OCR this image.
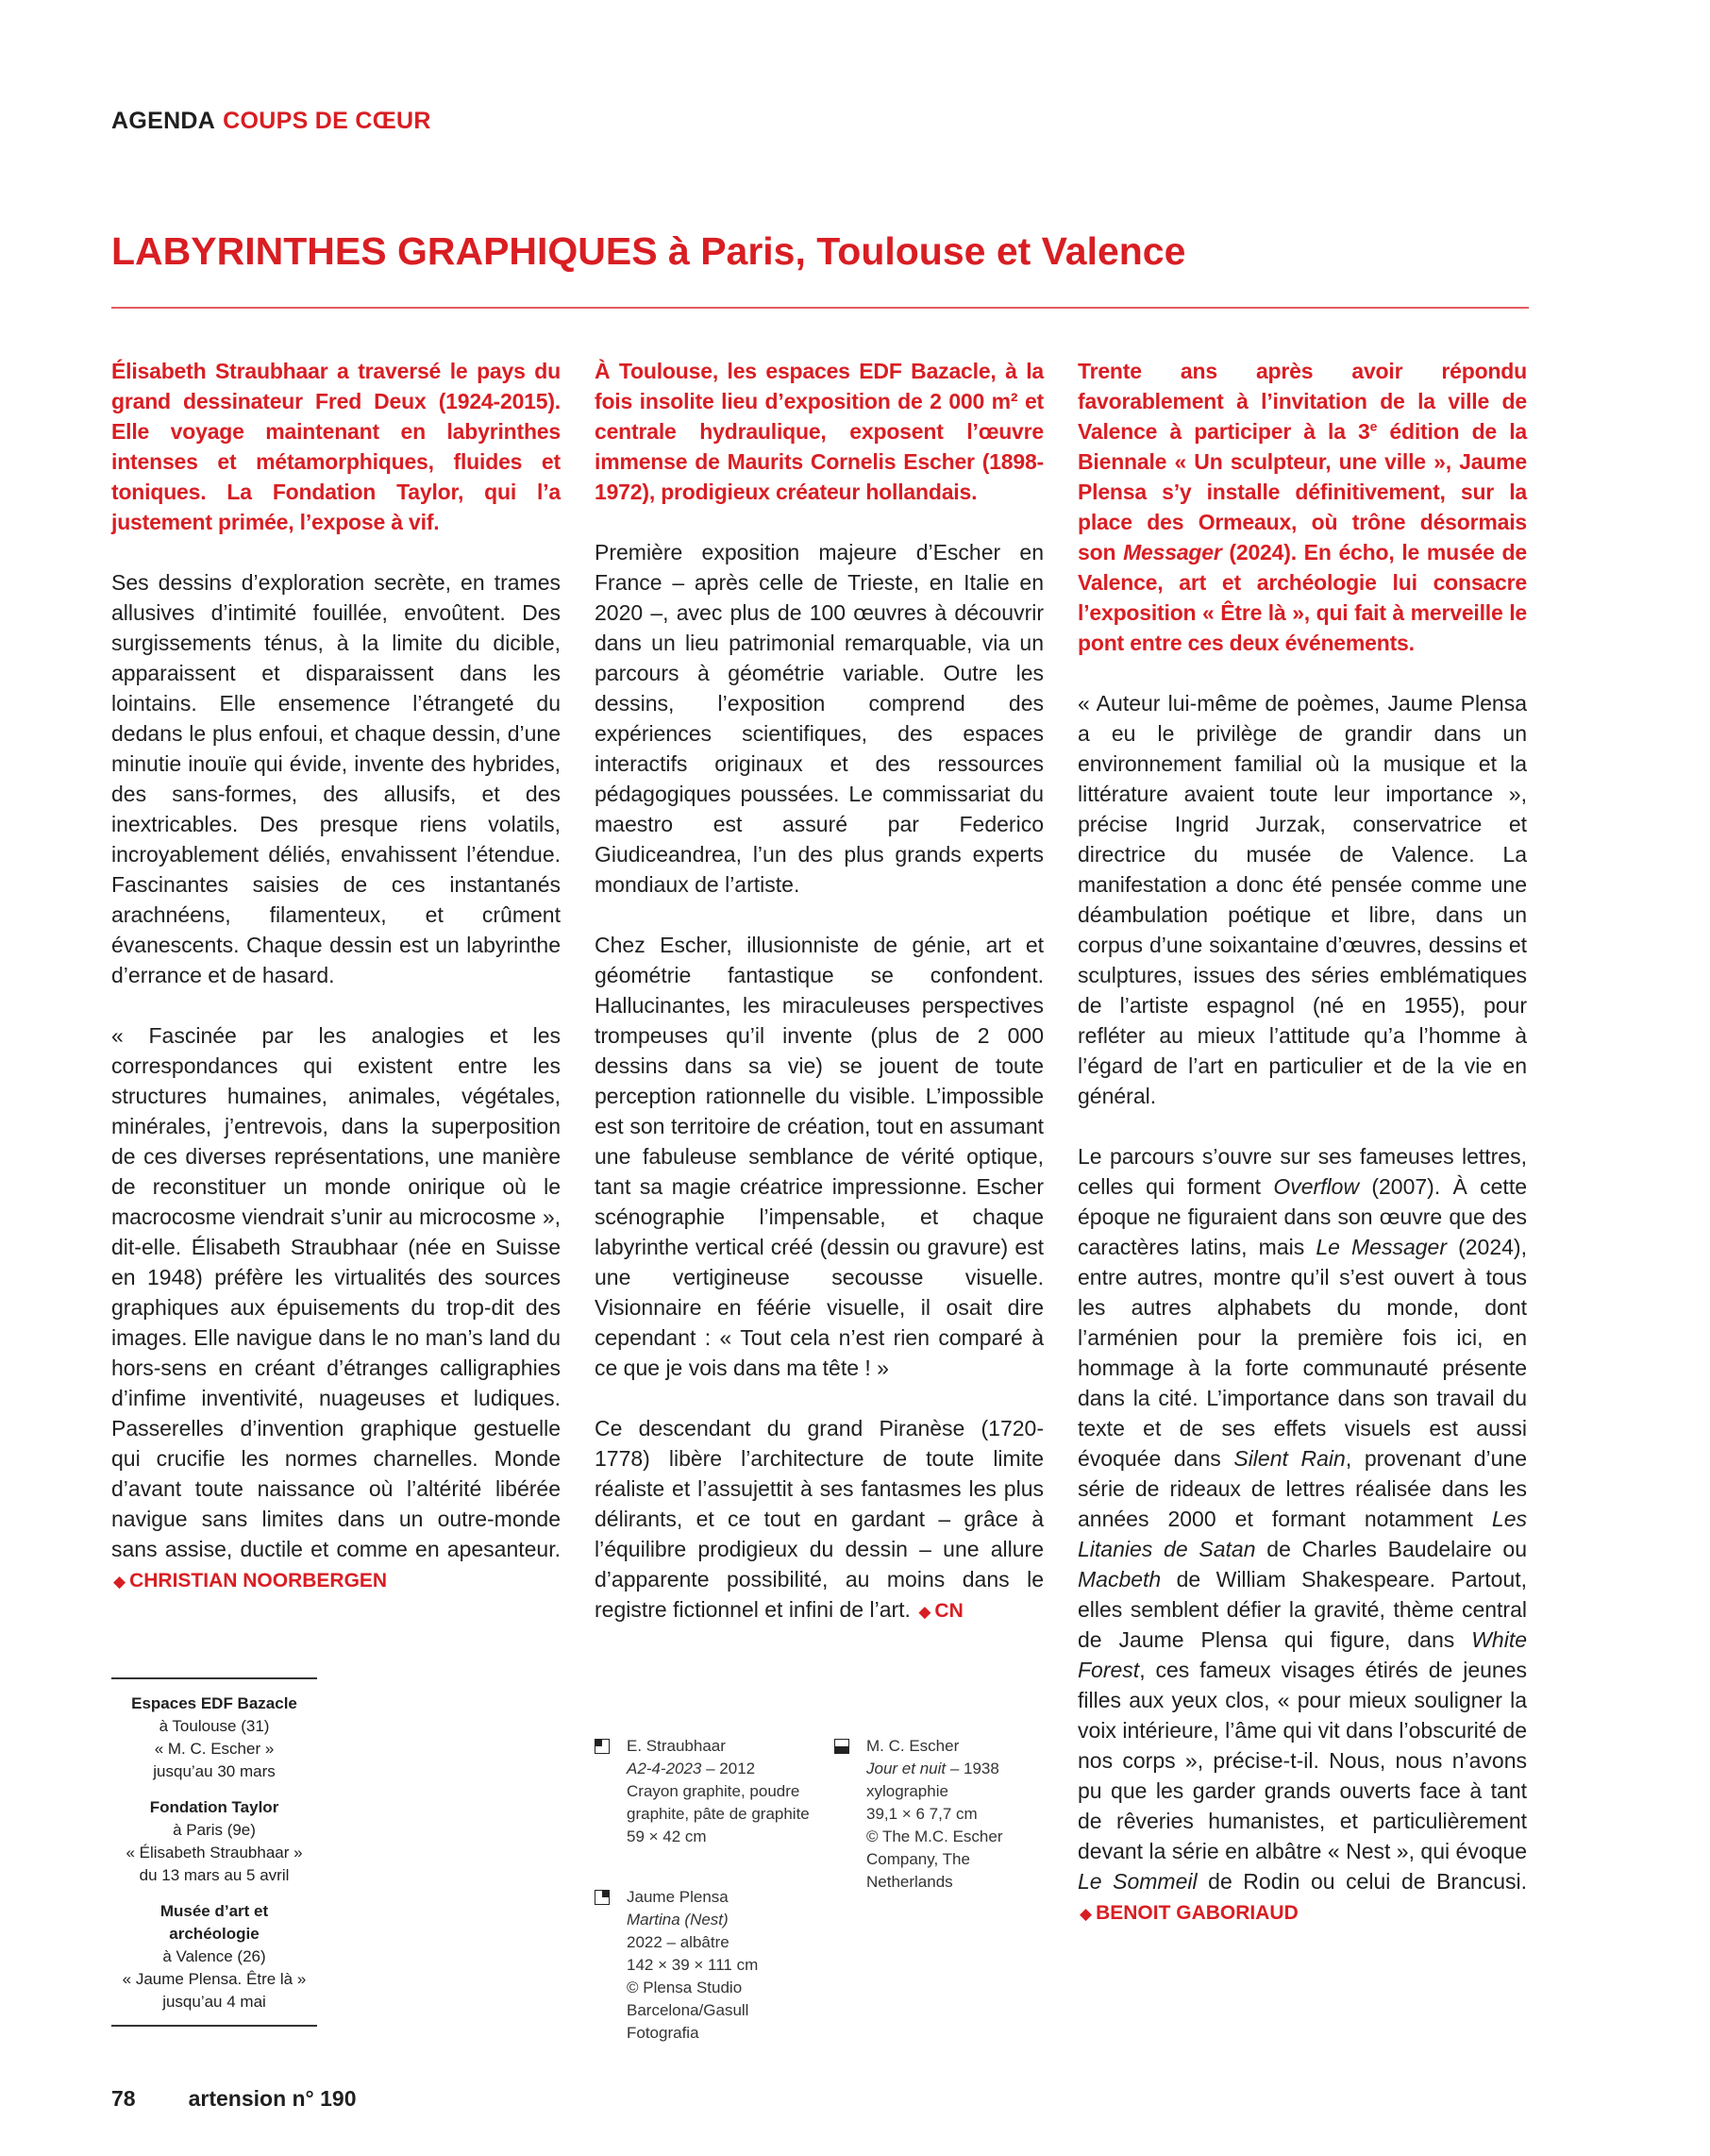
AGENDA COUPS DE CŒUR
LABYRINTHES GRAPHIQUES à Paris, Toulouse et Valence

Élisabeth Straubhaar a traversé le pays du grand dessinateur Fred Deux (1924-2015). Elle voyage maintenant en labyrinthes intenses et métamorphiques, fluides et toniques. La Fondation Taylor, qui l’a justement primée, l’expose à vif.

Ses dessins d’exploration secrète, en trames allusives d’intimité fouillée, envoûtent. Des surgissements ténus, à la limite du dicible, apparaissent et disparaissent dans les lointains. Elle ensemence l’étrangeté du dedans le plus enfoui, et chaque dessin, d’une minutie inouïe qui évide, invente des hybrides, des sans-formes, des allusifs, et des inextricables. Des presque riens volatils, incroyablement déliés, envahissent l’étendue. Fascinantes saisies de ces instantanés arachnéens, filamenteux, et crûment évanescents. Chaque dessin est un labyrinthe d’errance et de hasard.

« Fascinée par les analogies et les correspondances qui existent entre les structures humaines, animales, végétales, minérales, j’entrevois, dans la superposition de ces diverses représentations, une manière de reconstituer un monde onirique où le macrocosme viendrait s’unir au microcosme », dit-elle. Élisabeth Straubhaar (née en Suisse en 1948) préfère les virtualités des sources graphiques aux épuisements du trop-dit des images. Elle navigue dans le no man’s land du hors-sens en créant d’étranges calligraphies d’infime inventivité, nuageuses et ludiques. Passerelles d’invention graphique gestuelle qui crucifie les normes charnelles. Monde d’avant toute naissance où l’altérité libérée navigue sans limites dans un outre-monde sans assise, ductile et comme en apesanteur. ◆ CHRISTIAN NOORBERGEN

À Toulouse, les espaces EDF Bazacle, à la fois insolite lieu d’exposition de 2 000 m² et centrale hydraulique, exposent l’œuvre immense de Maurits Cornelis Escher (1898-1972), prodigieux créateur hollandais.

Première exposition majeure d’Escher en France – après celle de Trieste, en Italie en 2020 –, avec plus de 100 œuvres à découvrir dans un lieu patrimonial remarquable, via un parcours à géométrie variable. Outre les dessins, l’exposition comprend des expériences scientifiques, des espaces interactifs originaux et des ressources pédagogiques poussées. Le commissariat du maestro est assuré par Federico Giudiceandrea, l’un des plus grands experts mondiaux de l’artiste.

Chez Escher, illusionniste de génie, art et géométrie fantastique se confondent. Hallucinantes, les miraculeuses perspectives trompeuses qu’il invente (plus de 2 000 dessins dans sa vie) se jouent de toute perception rationnelle du visible. L’impossible est son territoire de création, tout en assumant une fabuleuse semblance de vérité optique, tant sa magie créatrice impressionne. Escher scénographie l’impensable, et chaque labyrinthe vertical créé (dessin ou gravure) est une vertigineuse secousse visuelle. Visionnaire en féérie visuelle, il osait dire cependant : « Tout cela n’est rien comparé à ce que je vois dans ma tête ! »

Ce descendant du grand Piranèse (1720-1778) libère l’architecture de toute limite réaliste et l’assujettit à ses fantasmes les plus délirants, et ce tout en gardant – grâce à l’équilibre prodigieux du dessin – une allure d’apparente possibilité, au moins dans le registre fictionnel et infini de l’art. ◆ CN

Trente ans après avoir répondu favorablement à l’invitation de la ville de Valence à participer à la 3e édition de la Biennale « Un sculpteur, une ville », Jaume Plensa s’y installe définitivement, sur la place des Ormeaux, où trône désormais son Messager (2024). En écho, le musée de Valence, art et archéologie lui consacre l’exposition « Être là », qui fait à merveille le pont entre ces deux événements.

« Auteur lui-même de poèmes, Jaume Plensa a eu le privilège de grandir dans un environnement familial où la musique et la littérature avaient toute leur importance », précise Ingrid Jurzak, conservatrice et directrice du musée de Valence. La manifestation a donc été pensée comme une déambulation poétique et libre, dans un corpus d’une soixantaine d’œuvres, dessins et sculptures, issues des séries emblématiques de l’artiste espagnol (né en 1955), pour refléter au mieux l’attitude qu’a l’homme à l’égard de l’art en particulier et de la vie en général.

Le parcours s’ouvre sur ses fameuses lettres, celles qui forment Overflow (2007). À cette époque ne figuraient dans son œuvre que des caractères latins, mais Le Messager (2024), entre autres, montre qu’il s’est ouvert à tous les autres alphabets du monde, dont l’arménien pour la première fois ici, en hommage à la forte communauté présente dans la cité. L’importance dans son travail du texte et de ses effets visuels est aussi évoquée dans Silent Rain, provenant d’une série de rideaux de lettres réalisée dans les années 2000 et formant notamment Les Litanies de Satan de Charles Baudelaire ou Macbeth de William Shakespeare. Partout, elles semblent défier la gravité, thème central de Jaume Plensa qui figure, dans White Forest, ces fameux visages étirés de jeunes filles aux yeux clos, « pour mieux souligner la voix intérieure, l’âme qui vit dans l’obscurité de nos corps », précise-t-il. Nous, nous n’avons pu que les garder grands ouverts face à tant de rêveries humanistes, et particulièrement devant la série en albâtre « Nest », qui évoque Le Sommeil de Rodin ou celui de Brancusi. ◆ BENOIT GABORIAUD

Espaces EDF Bazacle
à Toulouse (31)
« M. C. Escher »
jusqu’au 30 mars
Fondation Taylor
à Paris (9e)
« Élisabeth Straubhaar »
du 13 mars au 5 avril
Musée d’art et archéologie
à Valence (26)
« Jaume Plensa. Être là »
jusqu’au 4 mai
E. Straubhaar
A2-4-2023 – 2012
Crayon graphite, poudre graphite, pâte de graphite
59 × 42 cm
Jaume Plensa
Martina (Nest)
2022 – albâtre
142 × 39 × 111 cm
© Plensa Studio Barcelona/Gasull Fotografia
M. C. Escher
Jour et nuit – 1938
xylographie
39,1 × 6 7,7 cm
© The M.C. Escher Company, The Netherlands
78 artension n° 190
